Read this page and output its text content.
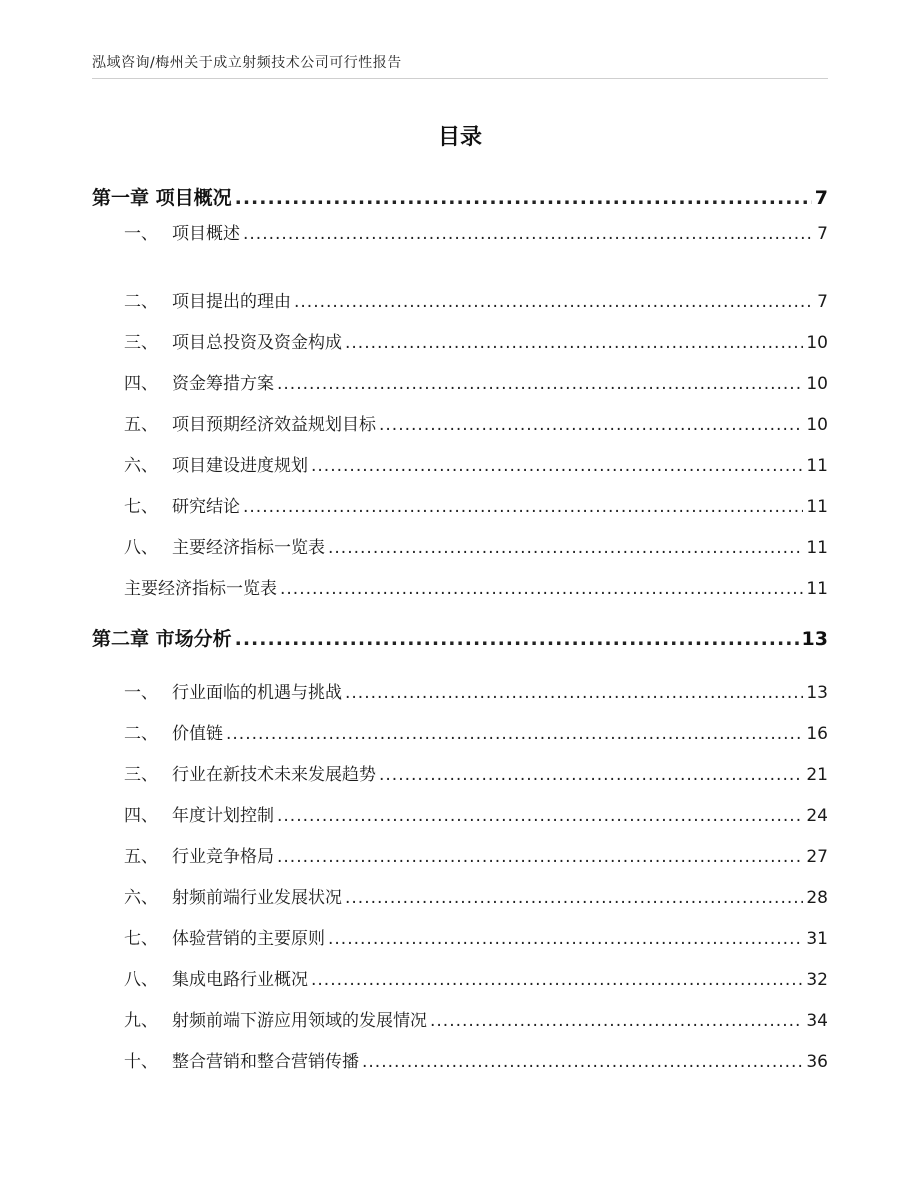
泓域咨询/梅州关于成立射频技术公司可行性报告
目录
第一章 项目概况 .....	7
一、 项目概述 .....	7
二、 项目提出的理由 .....	7
三、 项目总投资及资金构成 .....	10
四、 资金筹措方案 .....	10
五、 项目预期经济效益规划目标 .....	10
六、 项目建设进度规划 .....	11
七、 研究结论 .....	11
八、 主要经济指标一览表 .....	11
主要经济指标一览表 .....	11
第二章 市场分析 .....	13
一、 行业面临的机遇与挑战 .....	13
二、 价值链 .....	16
三、 行业在新技术未来发展趋势 .....	21
四、 年度计划控制 .....	24
五、 行业竞争格局 .....	27
六、 射频前端行业发展状况 .....	28
七、 体验营销的主要原则 .....	31
八、 集成电路行业概况 .....	32
九、 射频前端下游应用领域的发展情况 .....	34
十、 整合营销和整合营销传播 .....	36
